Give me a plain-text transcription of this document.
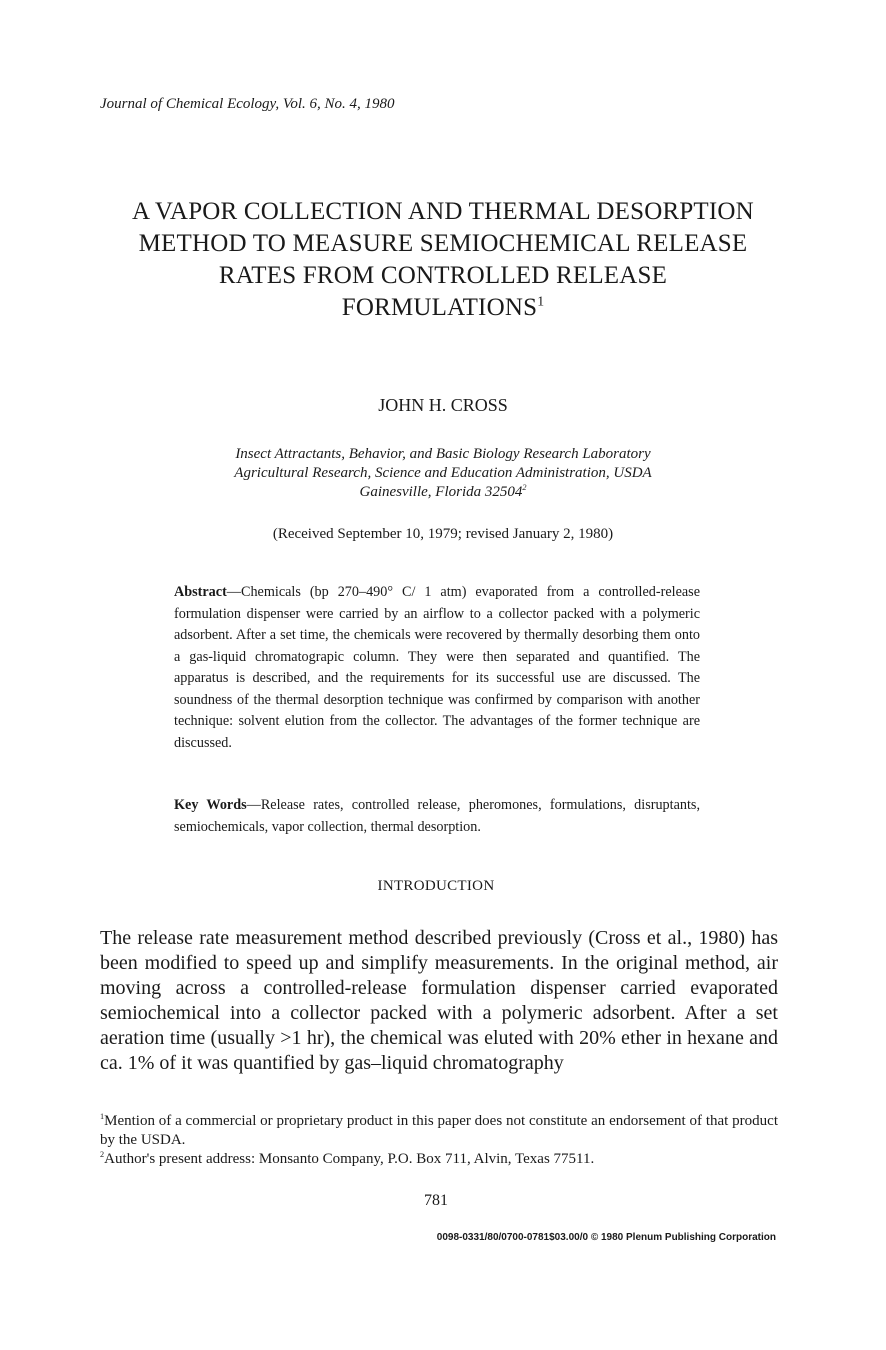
Journal of Chemical Ecology, Vol. 6, No. 4, 1980

A VAPOR COLLECTION AND THERMAL DESORPTION

METHOD TO MEASURE SEMIOCHEMICAL RELEASE

RATES FROM CONTROLLED RELEASE

FORMULATIONS$^1$

JOHN H. CROSS

Insect Attractants, Behavior, and Basic Biology Research Laboratory

Agricultural Research, Science and Education Administration, USDA

Gainesville, Florida 32504$^2$

(Received September 10, 1979; revised January 2, 1980)
Abstract—Chemicals (bp 270–490° C/ 1 atm) evaporated from a controlled-release formulation dispenser were carried by an airflow to a collector packed with a polymeric adsorbent. After a set time, the chemicals were recovered by thermally desorbing them onto a gas-liquid chromatograpic column. They were then separated and quantified. The apparatus is described, and the requirements for its successful use are discussed. The soundness of the thermal desorption technique was confirmed by comparison with another technique: solvent elution from the collector. The advantages of the former technique are discussed.
Key Words—Release rates, controlled release, pheromones, formulations, disruptants, semiochemicals, vapor collection, thermal desorption.
INTRODUCTION
The release rate measurement method described previously (Cross et al., 1980) has been modified to speed up and simplify measurements. In the original method, air moving across a controlled-release formulation dispenser carried evaporated semiochemical into a collector packed with a polymeric adsorbent. After a set aeration time (usually >1 hr), the chemical was eluted with 20% ether in hexane and ca. 1% of it was quantified by gas–liquid chromatography

$^1$Mention of a commercial or proprietary product in this paper does not constitute an endorsement of that product by the USDA.

$^2$Author's present address: Monsanto Company, P.O. Box 711, Alvin, Texas 77511.

781
0098-0331/80/0700-0781$03.00/0 © 1980 Plenum Publishing Corporation
